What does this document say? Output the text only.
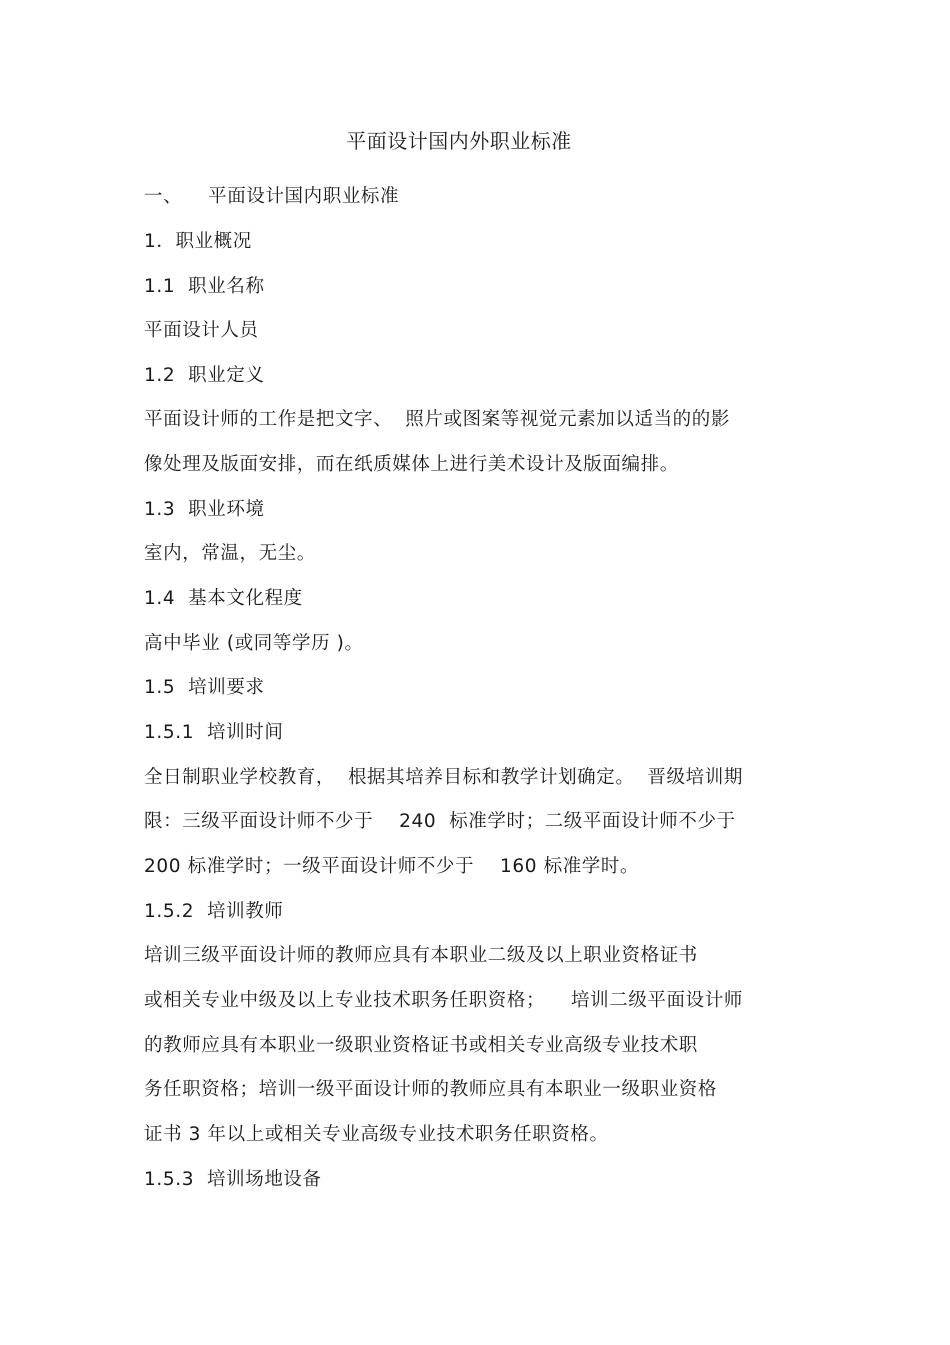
平面设计国内外职业标准
一、    平面设计国内职业标准
1．职业概况
1.1  职业名称
平面设计人员
1.2  职业定义
平面设计师的工作是把文字、  照片或图案等视觉元素加以适当的的影
像处理及版面安排，而在纸质媒体上进行美术设计及版面编排。
1.3  职业环境
室内，常温，无尘。
1.4  基本文化程度
高中毕业 (或同等学历 )。
1.5  培训要求
1.5.1  培训时间
全日制职业学校教育，  根据其培养目标和教学计划确定。  晋级培训期
限：三级平面设计师不少于    240  标准学时；二级平面设计师不少于
200 标准学时；一级平面设计师不少于    160 标准学时。
1.5.2  培训教师
培训三级平面设计师的教师应具有本职业二级及以上职业资格证书
或相关专业中级及以上专业技术职务任职资格；    培训二级平面设计师
的教师应具有本职业一级职业资格证书或相关专业高级专业技术职
务任职资格；培训一级平面设计师的教师应具有本职业一级职业资格
证书 3 年以上或相关专业高级专业技术职务任职资格。
1.5.3  培训场地设备
